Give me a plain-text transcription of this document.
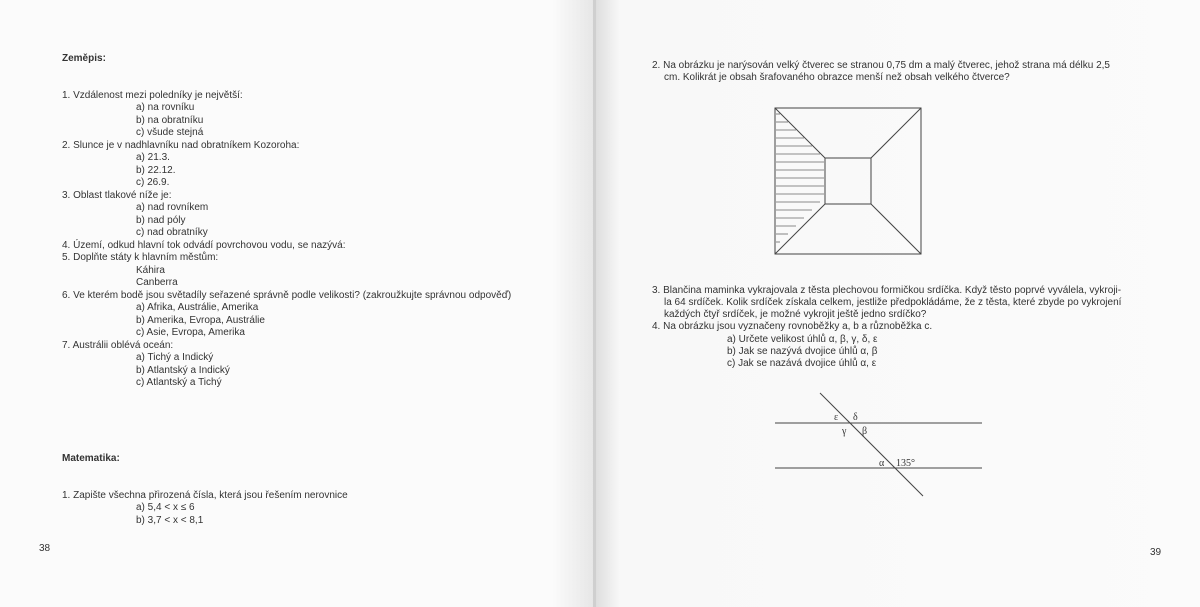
Zeměpis:
1. Vzdálenost mezi poledníky je největší:
a) na rovníku
b) na obratníku
c) všude stejná
2. Slunce je v nadhlavníku nad obratníkem Kozoroha:
a) 21.3.
b) 22.12.
c) 26.9.
3. Oblast tlakové níže je:
a) nad rovníkem
b) nad póly
c) nad obratníky
4. Území, odkud hlavní tok odvádí povrchovou vodu, se nazývá:
5. Doplňte státy k hlavním městům:
Káhira
Canberra
6. Ve kterém bodě jsou světadíly seřazené správně podle velikosti? (zakroužkujte správnou odpověď)
a) Afrika, Austrálie, Amerika
b) Amerika, Evropa, Austrálie
c) Asie, Evropa, Amerika
7. Austrálii oblévá oceán:
a) Tichý a Indický
b) Atlantský a Indický
c) Atlantský a Tichý
Matematika:
1. Zapište všechna přirozená čísla, která jsou řešením nerovnice
a) 5,4 < x ≤ 6
b) 3,7 < x < 8,1
38
2. Na obrázku je narýsován velký čtverec se stranou 0,75 dm a malý čtverec, jehož strana má délku 2,5
cm. Kolikrát je obsah šrafovaného obrazce menší než obsah velkého čtverce?
3. Blančina maminka vykrajovala z těsta plechovou formičkou srdíčka. Když těsto poprvé vyválela, vykroji-
la 64 srdíček. Kolik srdíček získala celkem, jestliže předpokládáme, že z těsta, které zbyde po vykrojení
každých čtyř srdíček, je možné vykrojit ještě jedno srdíčko?
4. Na obrázku jsou vyznačeny rovnoběžky a, b a různoběžka c.
a) Určete velikost úhlů α, β, γ, δ, ε
b) Jak se nazývá dvojice úhlů α, β
c) Jak se nazává dvojice úhlů α, ε
ε δ
γ β
α 135°
39
